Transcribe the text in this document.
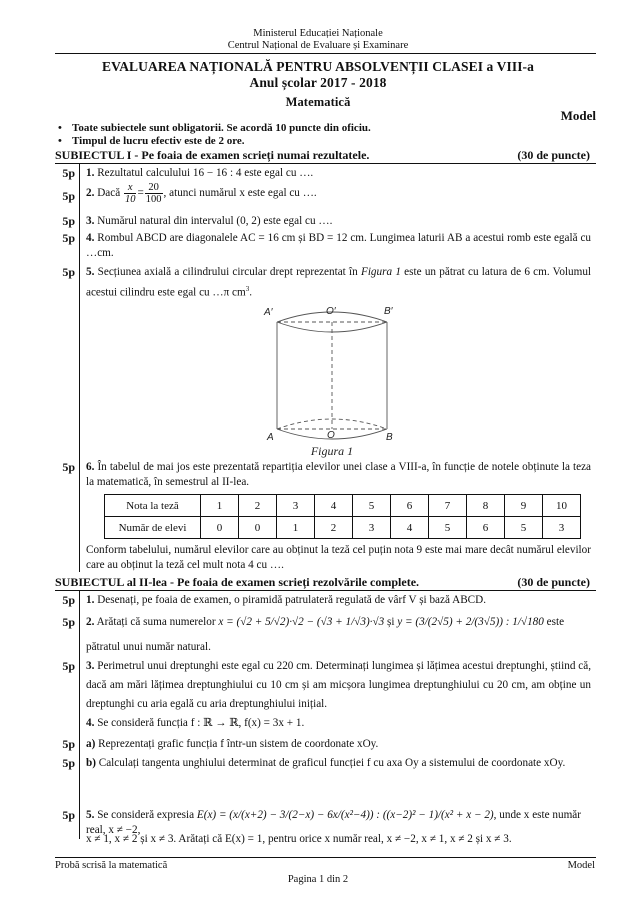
Ministerul Educației Naționale
Centrul Național de Evaluare și Examinare
EVALUAREA NAȚIONALĂ PENTRU ABSOLVENȚII CLASEI a VIII-a
Anul școlar 2017 - 2018
Matematică
Model
• Toate subiectele sunt obligatorii. Se acordă 10 puncte din oficiu.
• Timpul de lucru efectiv este de 2 ore.
SUBIECTUL I - Pe foaia de examen scrieți numai rezultatele.	(30 de puncte)
5p 1. Rezultatul calculului 16 − 16 : 4 este egal cu ….
5p 2. Dacă $\frac{x}{10} = \frac{20}{100}$ , atunci numărul x este egal cu ….
5p 3. Numărul natural din intervalul (0, 2) este egal cu ….
5p 4. Rombul ABCD are diagonalele AC = 16 cm și BD = 12 cm. Lungimea laturii AB a acestui romb este egală cu …cm.
5p 5. Secțiunea axială a cilindrului circular drept reprezentat în Figura 1 este un pătrat cu latura de 6 cm. Volumul acestui cilindru este egal cu …π $cm^3$.
A′	O′	B′
A	O	B
Figura 1
5p 6. În tabelul de mai jos este prezentată repartiția elevilor unei clase a VIII-a, în funcție de notele obținute la teza la matematică, în semestrul al II-lea.
Nota la teză	1	2	3	4	5	6	7	8	9	10
Număr de elevi	0	0	1	2	3	4	5	6	5	3
Conform tabelului, numărul elevilor care au obținut la teză cel puțin nota 9 este mai mare decât numărul elevilor care au obținut la teză cel mult nota 4 cu ….
SUBIECTUL al II-lea - Pe foaia de examen scrieți rezolvările complete.	(30 de puncte)
5p 1. Desenați, pe foaia de examen, o piramidă patrulateră regulată de vârf V și bază ABCD.
5p 2. Arătați că suma numerelor x = (√2 + 5/√2)·√2 − (√3 + 1/√3)·√3 și y = (3/(2√5) + 2/(3√5)) : 1/√180 este
pătratul unui număr natural.
5p 3. Perimetrul unui dreptunghi este egal cu 220 cm. Determinați lungimea și lățimea acestui dreptunghi, știind că, dacă am mări lățimea dreptunghiului cu 10 cm și am micșora lungimea dreptunghiului cu 20 cm, am obține un dreptunghi cu aria egală cu aria dreptunghiului inițial.
4. Se consideră funcția f : ℝ → ℝ, f(x) = 3x + 1.
5p a) Reprezentați grafic funcția f într-un sistem de coordonate xOy.
5p b) Calculați tangenta unghiului determinat de graficul funcției f cu axa Oy a sistemului de coordonate xOy.
5p 5. Se consideră expresia E(x) = (x/(x+2) − 3/(2−x) − 6x/(x²−4)) : ((x−2)² − 1)/(x² + x − 2), unde x este număr real, x ≠ −2,
x ≠ 1, x ≠ 2 și x ≠ 3. Arătați că E(x) = 1, pentru orice x număr real, x ≠ −2, x ≠ 1, x ≠ 2 și x ≠ 3.
Probă scrisă la matematică	Model
Pagina 1 din 2
